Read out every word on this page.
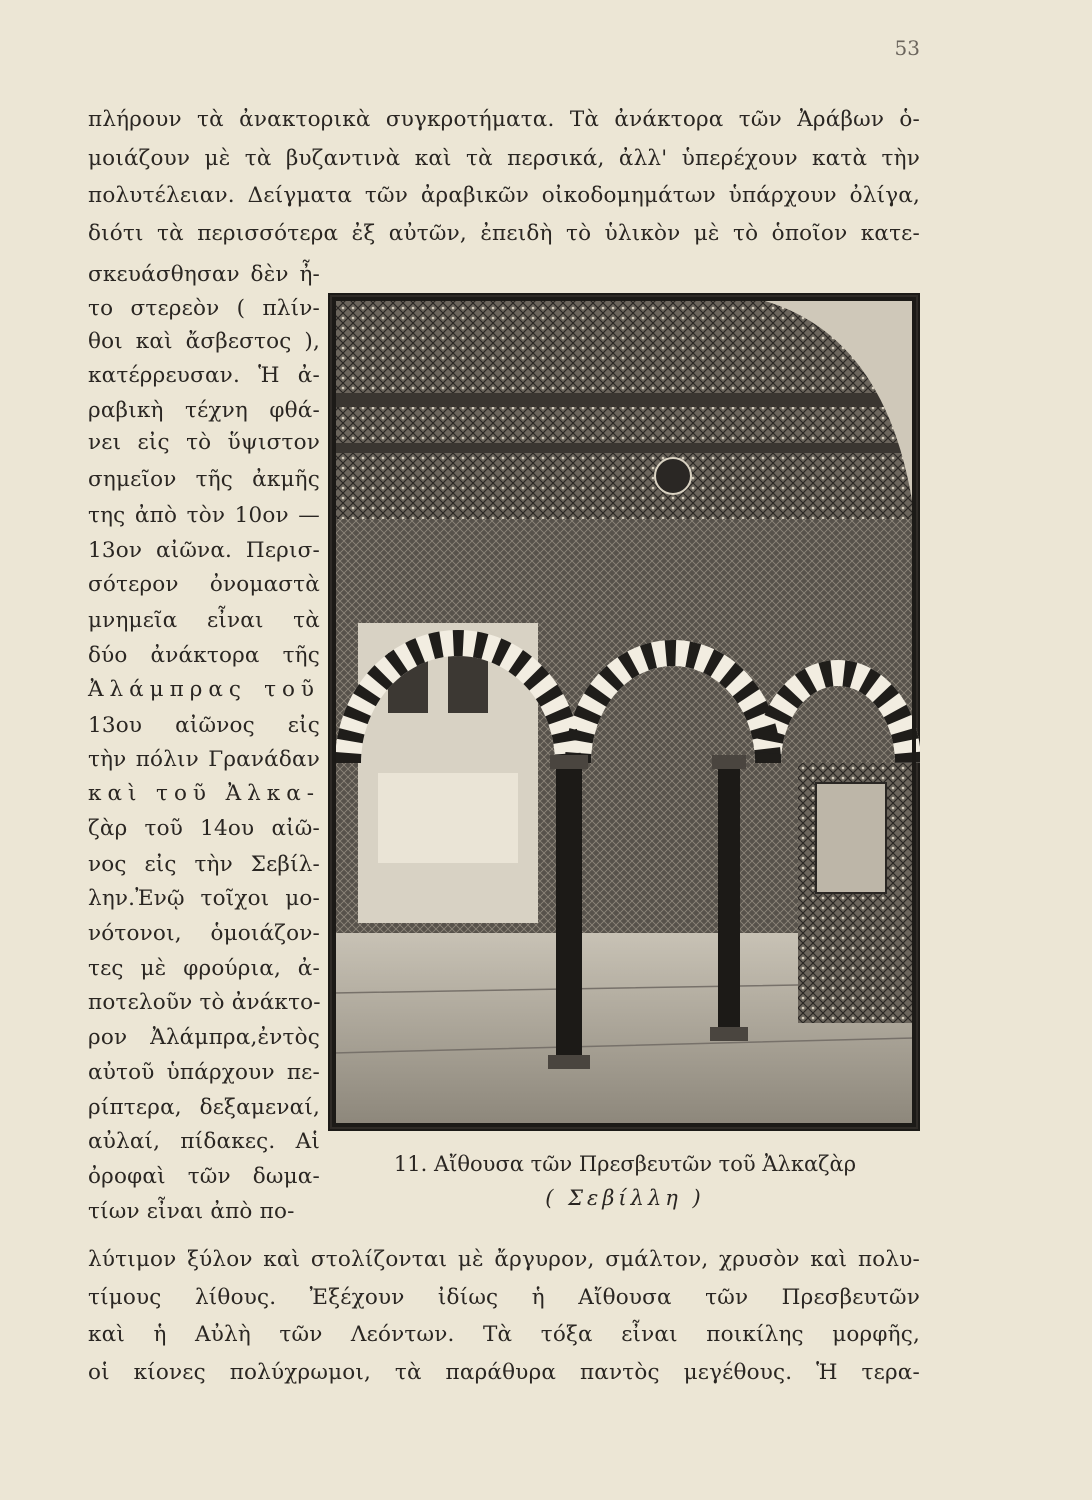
53
πλήρουν τὰ ἀνακτορικὰ συγκροτήματα. Τὰ ἀνάκτορα τῶν Ἀράβων ὁ-
μοιάζουν μὲ τὰ βυζαντινὰ καὶ τὰ περσικά, ἀλλ' ὑπερέχουν κατὰ τὴν
πολυτέλειαν. Δείγματα τῶν ἀραβικῶν οἰκοδομημάτων ὑπάρχουν ὀλίγα,
διότι τὰ περισσότερα ἐξ αὐτῶν, ἐπειδὴ τὸ ὑλικὸν μὲ τὸ ὁποῖον κατε-
σκευάσθησαν δὲν ἦ-
το στερεὸν ( πλίν-
θοι καὶ ἄσβεστος ),
κατέρρευσαν. Ἡ ἀ-
ραβικὴ τέχνη φθά-
νει εἰς τὸ ὕψιστον
σημεῖον τῆς ἀκμῆς
της ἀπὸ τὸν 10ον —
13ον αἰῶνα. Περισ-
σότερον ὀνομαστὰ
μνημεῖα εἶναι τὰ
δύο ἀνάκτορα τῆς
Ἀλάμπρας τοῦ
13ου αἰῶνος εἰς
τὴν πόλιν Γρανάδαν
καὶ τοῦ Ἀλκα-
ζὰρ τοῦ 14ου αἰῶ-
νος εἰς τὴν Σεβίλ-
λην.Ἐνῷ τοῖχοι μο-
νότονοι, ὁμοιάζον-
τες μὲ φρούρια, ἀ-
ποτελοῦν τὸ ἀνάκτο-
ρον Ἀλάμπρα,ἐντὸς
αὐτοῦ ὑπάρχουν πε-
ρίπτερα, δεξαμεναί,
αὐλαί, πίδακες. Αἱ
ὀροφαὶ τῶν δωμα-
τίων εἶναι ἀπὸ πο-
11. Αἴθουσα τῶν Πρεσβευτῶν τοῦ Ἀλκαζὰρ
( Σεβίλλη )
λύτιμον ξύλον καὶ στολίζονται μὲ ἄργυρον, σμάλτον, χρυσὸν καὶ πολυ-
τίμους λίθους. Ἐξέχουν ἰδίως ἡ Αἴθουσα τῶν Πρεσβευτῶν
καὶ ἡ Αὐλὴ τῶν Λεόντων. Τὰ τόξα εἶναι ποικίλης μορφῆς,
οἱ κίονες πολύχρωμοι, τὰ παράθυρα παντὸς μεγέθους. Ἡ τερα-
